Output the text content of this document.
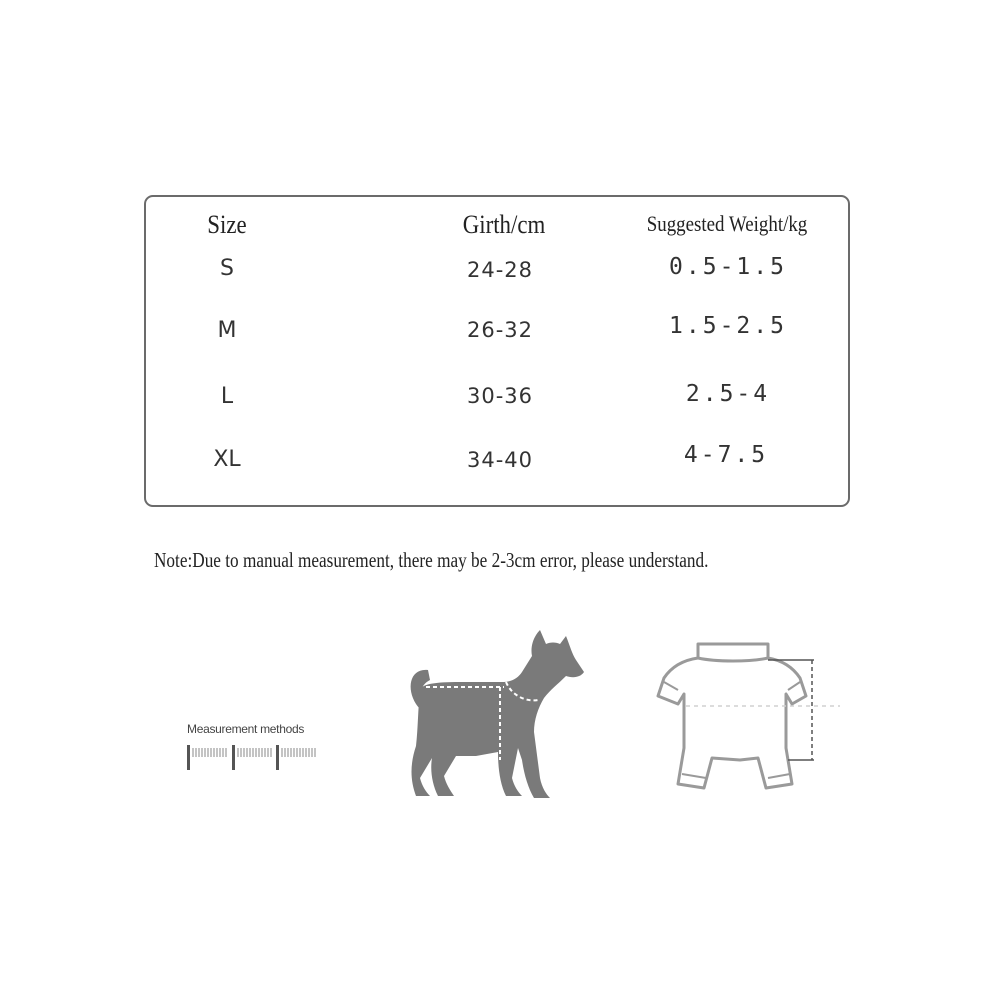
Size	Girth/cm	Suggested Weight/kg
S	24-28	0.5-1.5
M	26-32	1.5-2.5
L	30-36	2.5-4
XL	34-40	4-7.5
Note:Due to manual measurement, there may be 2-3cm error, please understand.
Measurement methods
